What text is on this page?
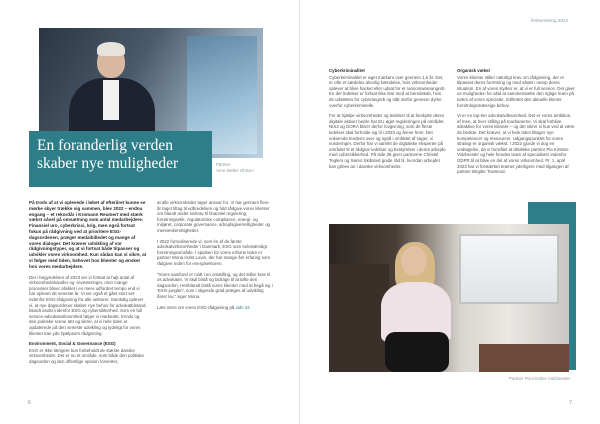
En foranderlig verden skaber nye muligheder	Partner
Arne Møller Ohlsen

På trods af at vi oplevede i løbet af efteråret kunne se mørke skyer trække sig sammen, blev 2022 – endnu engang – et rekordår i Kromann Reumert med stærk vækst såvel på omsætning som antal medarbejdere. Finansiel uro, cyberkrisci, krig, men også fortsat fokus på rådgivning ved at prioritere ESG-dagsordenen, præger medaibilledet og mange af vores dialoger. Det kræver udvikling af vor rådgivningstyper, og at vi fortsat både tilpasser og udvikler vores virksomhed. Kun sådan kan vi sikre, at vi følger med tiden, behovet hos klienter og ønsker hos vores medarbejdere.

Det i begyndelsen af 2023 ser vi fortsat at højt antal af virksomhedshandler og -investeringer, men mange processer bliver afviklet i en mere udfordret tempo end vi har oplevet de seneste år. Vi ser også et gået stort set indenfor ESG-rådgivning fra alle sektorer. Samtidig oplever vi, at nye dagsordener skaber nye behov for advokatbistand, blandt andet indenfor ESG og cybersikkerhed. Som en full service-advokatvirksomhed følger vi markedet, trends og den politiske scene tæt og sikrer, at vi hele tiden er opdaterede på den seneste udvikling og tydeligt for vores klienter kan yde hjælpsom rådgivning.

Environment, Social & Governance (ESG)

ESG er ikke længere kun forbeholdt de største danske virksomheder. Det er nu et område, som både den politiske dagsorden og den offentlige opinion forventer,

at alle virksomheder tager ansvar for. Vi har gennem flere år taget tiltag til udbredelsen og fuld rådgive vores klienter om blandt andet lovkrav til finansiel regulering, forretningsetik, regulatoriske compliance, energi- og miljøret, corporate governance, arbejdsgiverrettigheder og menneskerettigheder.

I 2022 formaliserede vi, som én af de første advokatvirksomheder i Danmark, ESG som selvstændigt forretningsområde. I spidsen for vores erfarne team er partner Mona Holst Levin, der har mange års erfaring som rådgiver inden for energisektoren.

"Vores samfund er midt i en omstilling, og det stiller krav til os advokater. Vi skal bistå og bidrage til at løfte den dagsorden. Heriblandt bistå vores klienter med at begå sig i 'ESG-junglen', som i stigende grad præges af udvikling ifaret lov," siger Mona.

Læs mere om vores ESG-rådgivning på side 34

6
Årsberetning 2022
Cyberkriminalitet

Cyberkriminalitet er øget markant over gennem 1,6 år. Det, er ofte et sørdeles alvorlig hændelse, hvis virksomheder oplever at blive hacket eller udsat for et ransomwareangreb. En der ledelser er fortsat ikke klar med at beredskab, hvis de udsættes for cyberangreb og står derfor gennem dyrke overfor cyberkriminelle.

For at hjælpe virksomheder og ledelser til at beskytte deres digitale aktiver bedre har EU øget reguleringen på området. NIS2 og DORA bliver derfor lovgivning, som de fleste ledelser skal forholde sig til i 2023 og årene frem. Det voksende tendens over og også i omfattet af sager, vi vurderinger. Derfor har vi samlet de digitalske eksperter på området til et rådgive ledelser og bestyrelser i deres arbejde med cybersikkerhed. På side 28 giver partnerne Christel Teglers og Søren Skibsted guide råd til, hvordan arbejdet kan gribes an i danske virksomheder.

Organisk vækst

Vores klienter stiller naturligt krav om rådgivning, der er tilpasset deres forretning og med afsæt i netop deres situation. En af vores styrker er, at vi er full service. Det giver os muligheden for altid at sammensætte den rigtige team på tværs af vores specialer, målrettet den aktuelle klients forretningsmæssige behov.

Vi er en top-tier advokatvirksomhed. Det er vores ambition, af men, at hver stilling på tourbanerne. Vi skal forblive attraktive for vores klienter – og det sikrer vi kun ved at være de bedste. Det kræver, at vi hele tiden tiltager nye kompetencer og ressourcer. Udgangspunktet for vores strategi er organisk vækst. I 2022 gjorde vi dog en undtagelse, da vi formålet at tiltrække partner Pia Kirstine Voldmester og hele hendes team af specialister indenfor GDPR til at blive en del af vores virksomhed. Pr. 1. april 2023 har vi forstærket teamet yderligere med tilgangen af partner Birgitte Townend.

Partner Pia Kirstine Voldmester
7
